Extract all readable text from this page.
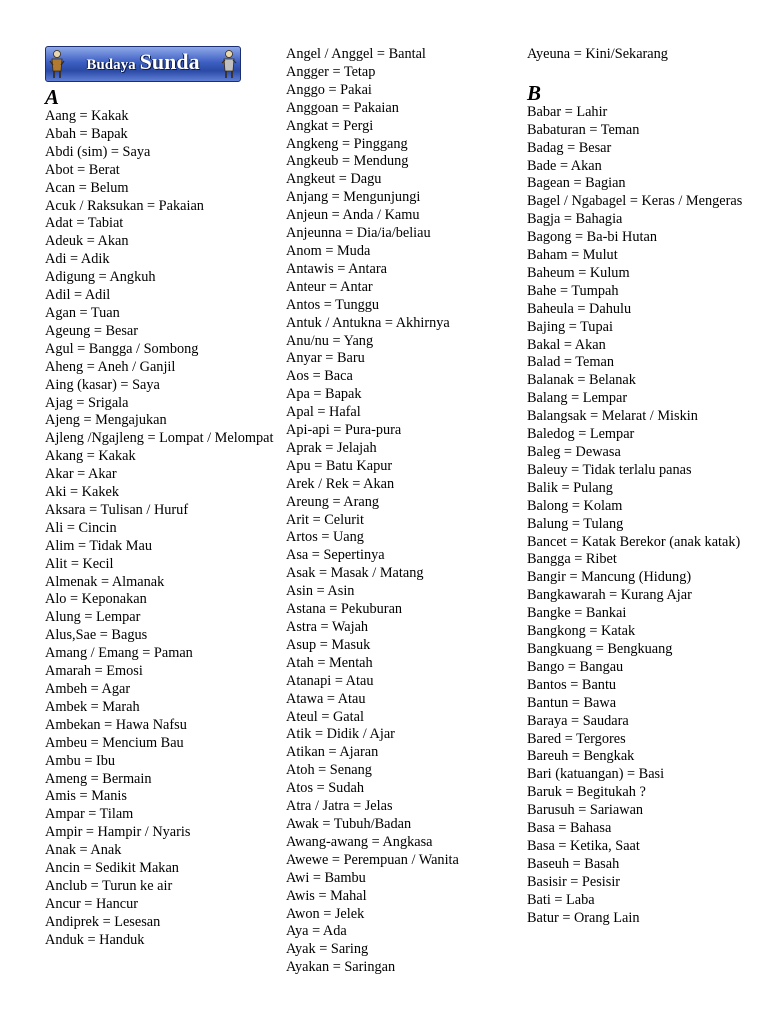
Budaya Sunda
A
Aang = Kakak
Abah = Bapak
Abdi (sim) = Saya
Abot = Berat
Acan = Belum
Acuk / Raksukan = Pakaian
Adat = Tabiat
Adeuk = Akan
Adi = Adik
Adigung = Angkuh
Adil = Adil
Agan = Tuan
Ageung = Besar
Agul = Bangga / Sombong
Aheng = Aneh / Ganjil
Aing (kasar) = Saya
Ajag = Srigala
Ajeng = Mengajukan
Ajleng /Ngajleng = Lompat / Melompat
Akang = Kakak
Akar = Akar
Aki = Kakek
Aksara = Tulisan / Huruf
Ali = Cincin
Alim = Tidak Mau
Alit = Kecil
Almenak = Almanak
Alo = Keponakan
Alung = Lempar
Alus,Sae = Bagus
Amang / Emang = Paman
Amarah = Emosi
Ambeh = Agar
Ambek = Marah
Ambekan = Hawa Nafsu
Ambeu = Mencium Bau
Ambu = Ibu
Ameng = Bermain
Amis = Manis
Ampar = Tilam
Ampir = Hampir / Nyaris
Anak = Anak
Ancin = Sedikit Makan
Anclub = Turun ke air
Ancur = Hancur
Andiprek = Lesesan
Anduk = Handuk
Angel / Anggel = Bantal
Angger = Tetap
Anggo = Pakai
Anggoan = Pakaian
Angkat = Pergi
Angkeng = Pinggang
Angkeub = Mendung
Angkeut = Dagu
Anjang = Mengunjungi
Anjeun = Anda / Kamu
Anjeunna = Dia/ia/beliau
Anom = Muda
Antawis = Antara
Anteur = Antar
Antos = Tunggu
Antuk / Antukna = Akhirnya
Anu/nu = Yang
Anyar = Baru
Aos = Baca
Apa = Bapak
Apal = Hafal
Api-api = Pura-pura
Aprak = Jelajah
Apu = Batu Kapur
Arek / Rek = Akan
Areung = Arang
Arit = Celurit
Artos = Uang
Asa = Sepertinya
Asak = Masak / Matang
Asin = Asin
Astana = Pekuburan
Astra = Wajah
Asup = Masuk
Atah = Mentah
Atanapi = Atau
Atawa = Atau
Ateul = Gatal
Atik = Didik / Ajar
Atikan = Ajaran
Atoh = Senang
Atos = Sudah
Atra / Jatra = Jelas
Awak = Tubuh/Badan
Awang-awang = Angkasa
Awewe = Perempuan / Wanita
Awi = Bambu
Awis = Mahal
Awon = Jelek
Aya = Ada
Ayak = Saring
Ayakan = Saringan
Ayeuna = Kini/Sekarang
B
Babar = Lahir
Babaturan = Teman
Badag = Besar
Bade = Akan
Bagean = Bagian
Bagel / Ngabagel = Keras / Mengeras
Bagja = Bahagia
Bagong = Ba-bi Hutan
Baham = Mulut
Baheum = Kulum
Bahe = Tumpah
Baheula = Dahulu
Bajing = Tupai
Bakal = Akan
Balad = Teman
Balanak = Belanak
Balang = Lempar
Balangsak = Melarat / Miskin
Baledog = Lempar
Baleg = Dewasa
Baleuy = Tidak terlalu panas
Balik = Pulang
Balong = Kolam
Balung = Tulang
Bancet = Katak Berekor (anak katak)
Bangga = Ribet
Bangir = Mancung (Hidung)
Bangkawarah = Kurang Ajar
Bangke = Bankai
Bangkong = Katak
Bangkuang = Bengkuang
Bango = Bangau
Bantos = Bantu
Bantun = Bawa
Baraya = Saudara
Bared = Tergores
Bareuh = Bengkak
Bari (katuangan) = Basi
Baruk = Begitukah ?
Barusuh = Sariawan
Basa = Bahasa
Basa = Ketika, Saat
Baseuh = Basah
Basisir = Pesisir
Bati = Laba
Batur = Orang Lain
